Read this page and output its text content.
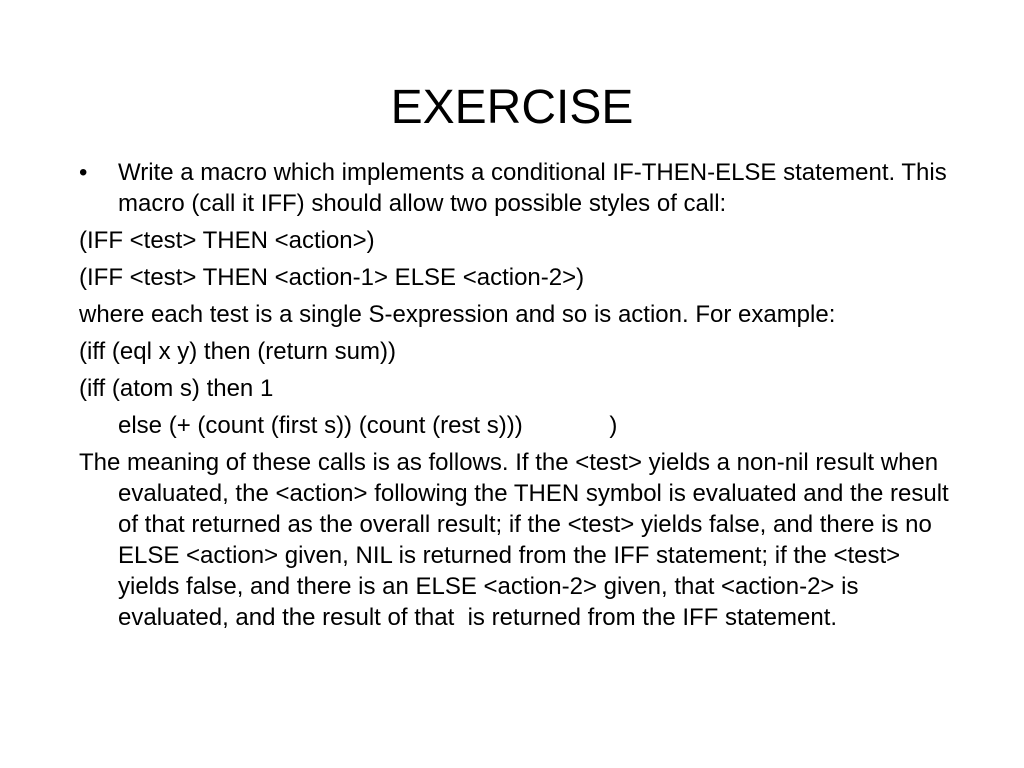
EXERCISE
• Write a macro which implements a conditional IF-THEN-ELSE statement. This macro (call it IFF) should allow two possible styles of call:
(IFF <test> THEN <action>)
(IFF <test> THEN <action-1> ELSE <action-2>)
where each test is a single S-expression and so is action. For example:
(iff (eql x y) then (return sum))
(iff (atom s) then 1
else (+ (count (first s)) (count (rest s)))             )
The meaning of these calls is as follows. If the <test> yields a non-nil result when evaluated, the <action> following the THEN symbol is evaluated and the result of that returned as the overall result; if the <test> yields false, and there is no ELSE <action> given, NIL is returned from the IFF statement; if the <test> yields false, and there is an ELSE <action-2> given, that <action-2> is evaluated, and the result of that  is returned from the IFF statement.
